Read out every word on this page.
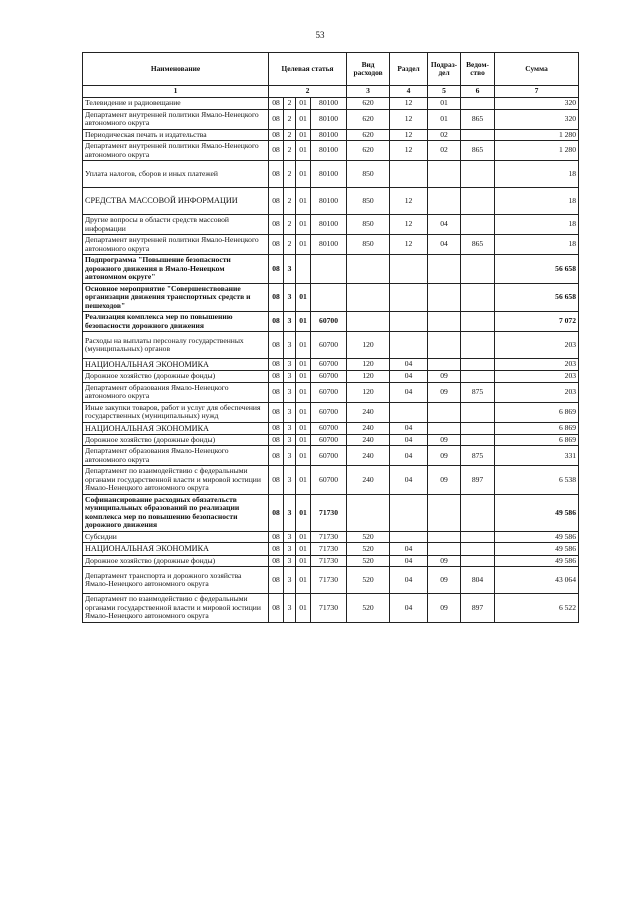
53
Наименование	Целевая статья				Вид расходов	Раздел	Подраз-дел	Ведом-ство	Сумма
1	2				3	4	5	6	7
Телевидение и радиовещание	08	2	01	80100	620	12	01		320
Департамент внутренней политики Ямало-Ненецкого автономного округа	08	2	01	80100	620	12	01	865	320
Периодическая печать и издательства	08	2	01	80100	620	12	02		1 280
Департамент внутренней политики Ямало-Ненецкого автономного округа	08	2	01	80100	620	12	02	865	1 280
Уплата налогов, сборов и иных платежей	08	2	01	80100	850				18
СРЕДСТВА МАССОВОЙ ИНФОРМАЦИИ	08	2	01	80100	850	12			18
Другие вопросы в области средств массовой информации	08	2	01	80100	850	12	04		18
Департамент внутренней политики Ямало-Ненецкого автономного округа	08	2	01	80100	850	12	04	865	18
Подпрограмма "Повышение безопасности дорожного движения в Ямало-Ненецком автономном округе"	08	3							56 658
Основное мероприятие "Совершенствование организации движения транспортных средств и пешеходов"	08	3	01						56 658
Реализация комплекса мер по повышению безопасности дорожного движения	08	3	01	60700					7 072
Расходы на выплаты персоналу государственных (муниципальных) органов	08	3	01	60700	120				203
НАЦИОНАЛЬНАЯ ЭКОНОМИКА	08	3	01	60700	120	04			203
Дорожное хозяйство (дорожные фонды)	08	3	01	60700	120	04	09		203
Департамент образования Ямало-Ненецкого автономного округа	08	3	01	60700	120	04	09	875	203
Иные закупки товаров, работ и услуг для обеспечения государственных (муниципальных) нужд	08	3	01	60700	240				6 869
НАЦИОНАЛЬНАЯ ЭКОНОМИКА	08	3	01	60700	240	04			6 869
Дорожное хозяйство (дорожные фонды)	08	3	01	60700	240	04	09		6 869
Департамент образования Ямало-Ненецкого автономного округа	08	3	01	60700	240	04	09	875	331
Департамент по взаимодействию с федеральными органами государственной власти и мировой юстиции Ямало-Ненецкого автономного округа	08	3	01	60700	240	04	09	897	6 538
Софинансирование расходных обязательств муниципальных образований по реализации комплекса мер по повышению безопасности дорожного движения	08	3	01	71730					49 586
Субсидии	08	3	01	71730	520				49 586
НАЦИОНАЛЬНАЯ ЭКОНОМИКА	08	3	01	71730	520	04			49 586
Дорожное хозяйство (дорожные фонды)	08	3	01	71730	520	04	09		49 586
Департамент транспорта и дорожного хозяйства Ямало-Ненецкого автономного округа	08	3	01	71730	520	04	09	804	43 064
Департамент по взаимодействию с федеральными органами государственной власти и мировой юстиции Ямало-Ненецкого автономного округа	08	3	01	71730	520	04	09	897	6 522
